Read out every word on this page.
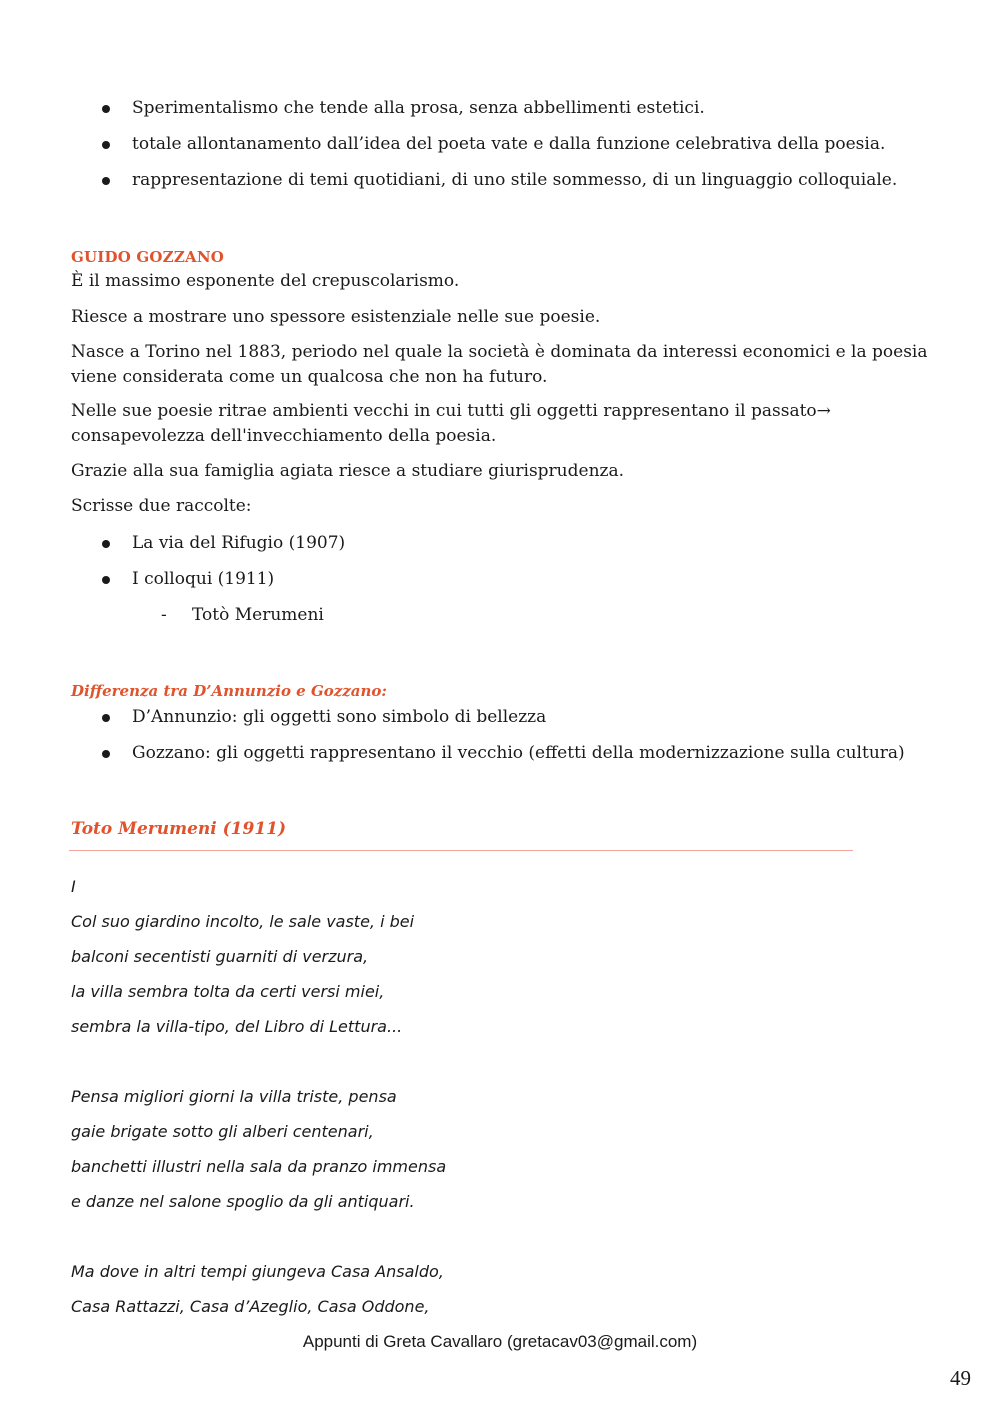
Sperimentalismo che tende alla prosa, senza abbellimenti estetici.

totale allontanamento dall’idea del poeta vate e dalla funzione celebrativa della poesia.

rappresentazione di temi quotidiani, di uno stile sommesso, di un linguaggio colloquiale.

GUIDO GOZZANO

È il massimo esponente del crepuscolarismo.

Riesce a mostrare uno spessore esistenziale nelle sue poesie.

Nasce a Torino nel 1883, periodo nel quale la società è dominata da interessi economici e la poesia

viene considerata come un qualcosa che non ha futuro.

Nelle sue poesie ritrae ambienti vecchi in cui tutti gli oggetti rappresentano il passato→

consapevolezza dell'invecchiamento della poesia.

Grazie alla sua famiglia agiata riesce a studiare giurisprudenza.

Scrisse due raccolte:

La via del Rifugio (1907)

I colloqui (1911)

- Totò Merumeni

Differenza tra D’Annunzio e Gozzano:

D’Annunzio: gli oggetti sono simbolo di bellezza

Gozzano: gli oggetti rappresentano il vecchio (effetti della modernizzazione sulla cultura)

Toto Merumeni (1911)

I

Col suo giardino incolto, le sale vaste, i bei

balconi secentisti guarniti di verzura,

la villa sembra tolta da certi versi miei,

sembra la villa-tipo, del Libro di Lettura...

Pensa migliori giorni la villa triste, pensa

gaie brigate sotto gli alberi centenari,

banchetti illustri nella sala da pranzo immensa

e danze nel salone spoglio da gli antiquari.

Ma dove in altri tempi giungeva Casa Ansaldo,

Casa Rattazzi, Casa d’Azeglio, Casa Oddone,

Appunti di Greta Cavallaro (gretacav03@gmail.com)
49
